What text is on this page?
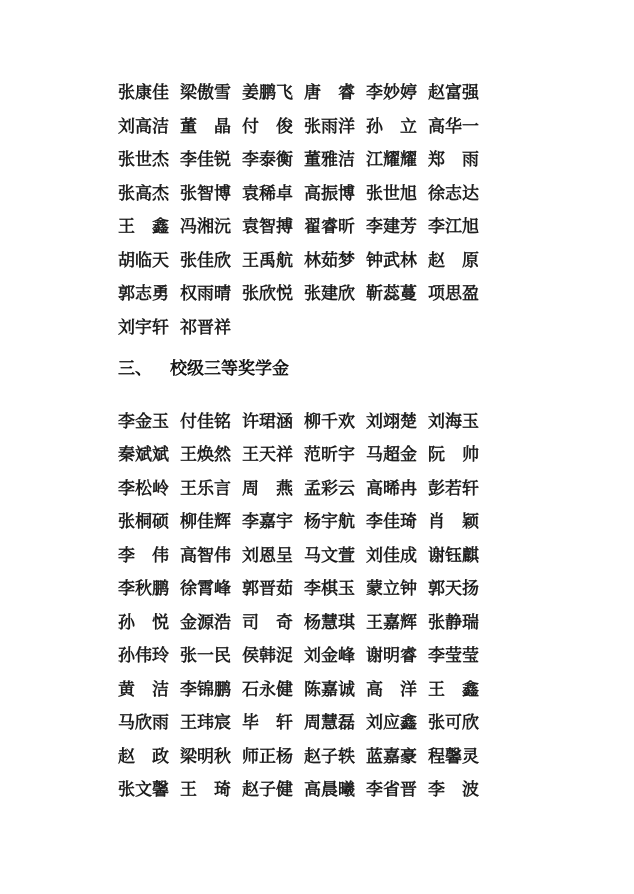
张康佳 梁傲雪 姜鹏飞 唐　睿 李妙婷 赵富强
刘高洁 董　晶 付　俊 张雨洋 孙　立 高华一
张世杰 李佳锐 李泰衡 董雅洁 江耀耀 郑　雨
张高杰 张智博 袁稀卓 高振博 张世旭 徐志达
王　鑫 冯湘沅 袁智搏 翟睿昕 李建芳 李江旭
胡临天 张佳欣 王禹航 林茹梦 钟武林 赵　原
郭志勇 权雨晴 张欣悦 张建欣 靳蕊蔓 项思盈
刘宇轩 祁晋祥
三、 校级三等奖学金
李金玉 付佳铭 许珺涵 柳千欢 刘翊楚 刘海玉
秦斌斌 王焕然 王天祥 范昕宇 马超金 阮　帅
李松岭 王乐言 周　燕 孟彩云 高晞冉 彭若轩
张桐硕 柳佳辉 李嘉宇 杨宇航 李佳琦 肖　颖
李　伟 高智伟 刘恩呈 马文萱 刘佳成 谢钰麒
李秋鹏 徐霄峰 郭晋茹 李棋玉 蒙立钟 郭天扬
孙　悦 金源浩 司　奇 杨慧琪 王嘉辉 张静瑞
孙伟玲 张一民 侯韩浞 刘金峰 谢明睿 李莹莹
黄　洁 李锦鹏 石永健 陈嘉诚 高　洋 王　鑫
马欣雨 王玮宸 毕　轩 周慧磊 刘应鑫 张可欣
赵　政 梁明秋 师正杨 赵子轶 蓝嘉豪 程馨灵
张文馨 王　琦 赵子健 高晨曦 李省晋 李　波
